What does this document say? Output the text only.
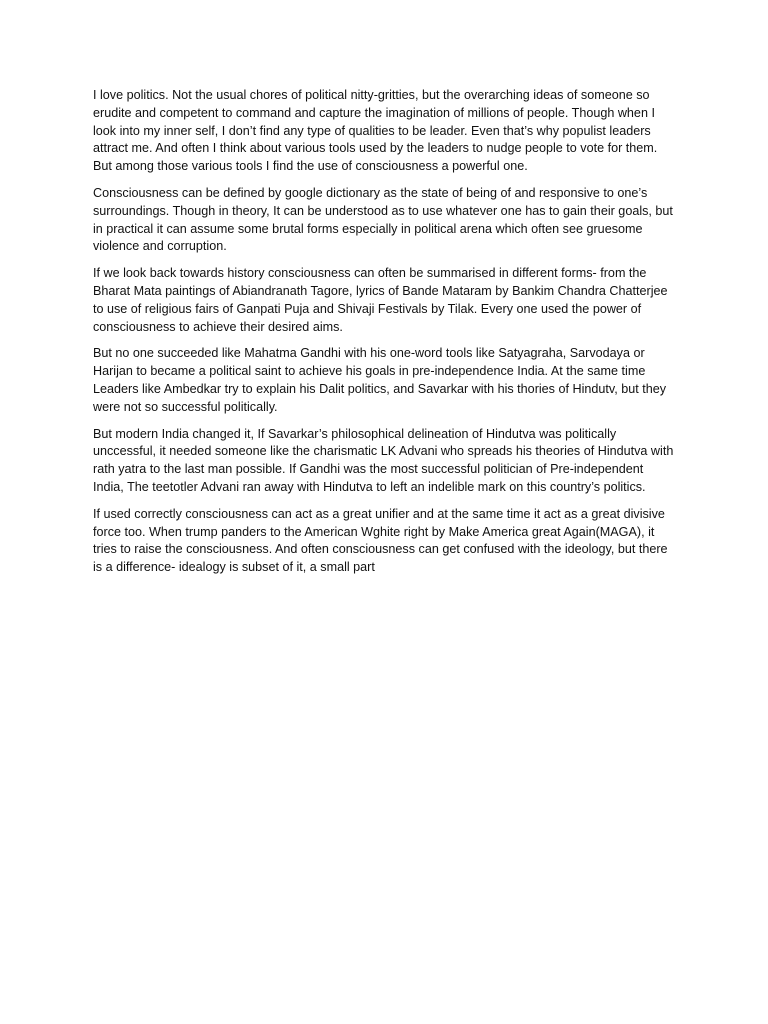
I love politics. Not the usual chores of political nitty-gritties, but the overarching ideas of someone so erudite and competent to command and capture the imagination of millions of people. Though when I look into my inner self, I don’t find any type of qualities to be leader. Even that’s why populist leaders attract me. And often I think about various tools used by the leaders to nudge people to vote for them. But among those various tools I find the use of consciousness a powerful one.

Consciousness can be defined by google dictionary as the state of being of and responsive to one’s surroundings. Though in theory, It can be understood as to use whatever one has to gain their goals, but in practical it can assume some brutal forms especially in political arena which often see gruesome violence and corruption.

If we look back towards history consciousness can often be summarised in different forms- from the Bharat Mata paintings of Abiandranath Tagore, lyrics of Bande Mataram by Bankim Chandra Chatterjee to use of religious fairs of Ganpati Puja and Shivaji Festivals by Tilak. Every one used the power of consciousness to achieve their desired aims.

But no one succeeded like Mahatma Gandhi with his one-word tools like Satyagraha, Sarvodaya or Harijan to became a political saint to achieve his goals in pre-independence India. At the same time Leaders like Ambedkar try to explain his Dalit politics, and Savarkar with his thories of Hindutv, but they were not so successful politically.

But modern India changed it, If Savarkar’s philosophical delineation of Hindutva was politically unccessful, it needed someone like the charismatic LK Advani who spreads his theories of Hindutva with rath yatra to the last man possible. If Gandhi was the most successful politician of Pre-independent India, The teetotler Advani ran away with Hindutva to left an indelible mark on this country’s politics.

If used correctly consciousness can act as a great unifier and at the same time it act as a great divisive force too. When trump panders to the American Wghite right by Make America great Again(MAGA), it tries to raise the consciousness. And often consciousness can get confused with the ideology, but there is a difference- idealogy is subset of it, a small part
